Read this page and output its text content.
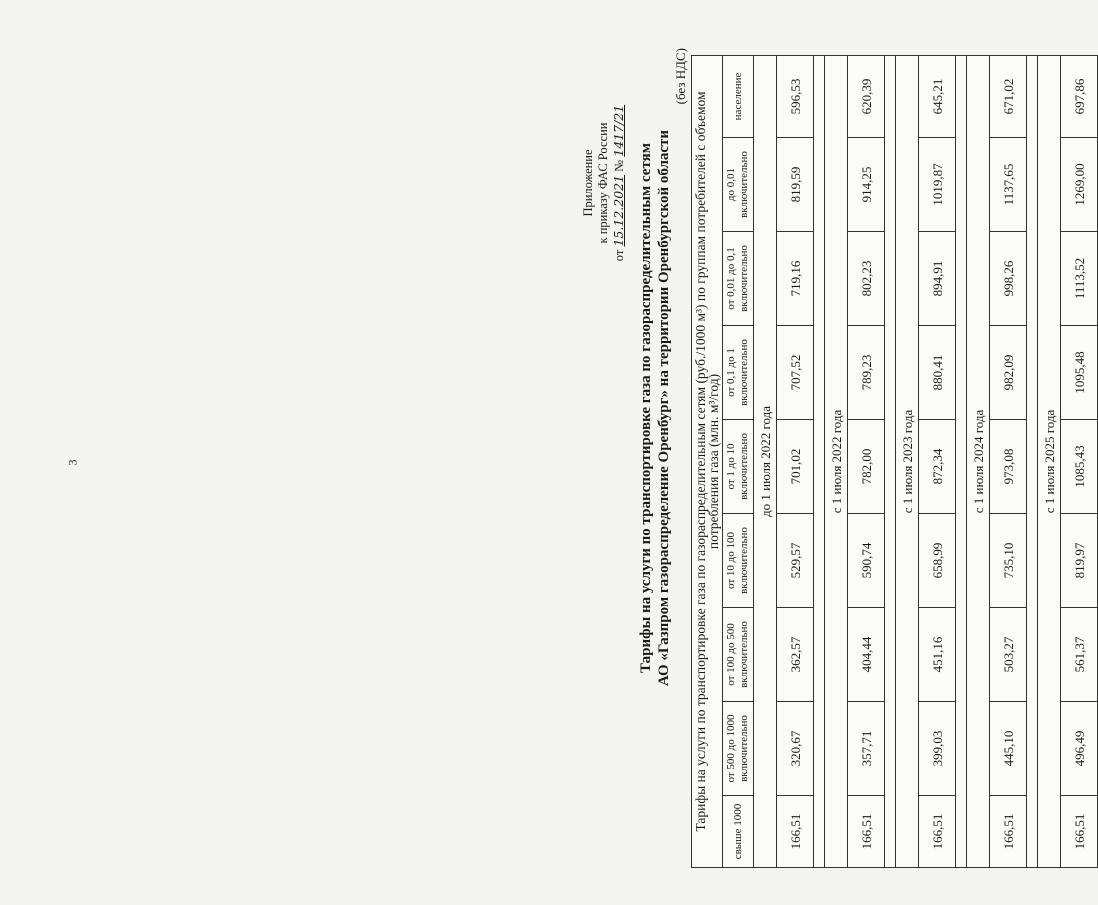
3
Приложение к приказу ФАС России
от 15.12.2021 № 1417/21
Тарифы на услуги по транспортировке газа по газораспределительным сетям АО «Газпром газораспределение Оренбург» на территории Оренбургской области
(без НДС)
Тарифы на услуги по транспортировке газа по газораспределительным сетям (руб./1000 м³) по группам потребителей с объемом потребления газа (млн. м³/год)								
свыше 1000	от 500 до 1000 включительно	от 100 до 500 включительно	от 10 до 100 включительно	от 1 до 10 включительно	от 0,1 до 1 включительно	от 0,01 до 0,1 включительно	до 0,01 включительно	население
до 1 июля 2022 года								
166,51	320,67	362,57	529,57	701,02	707,52	719,16	819,59	596,53

с 1 июля 2022 года								
166,51	357,71	404,44	590,74	782,00	789,23	802,23	914,25	620,39

с 1 июля 2023 года								
166,51	399,03	451,16	658,99	872,34	880,41	894,91	1019,87	645,21

с 1 июля 2024 года								
166,51	445,10	503,27	735,10	973,08	982,09	998,26	1137,65	671,02

с 1 июля 2025 года								
166,51	496,49	561,37	819,97	1085,43	1095,48	1113,52	1269,00	697,86
